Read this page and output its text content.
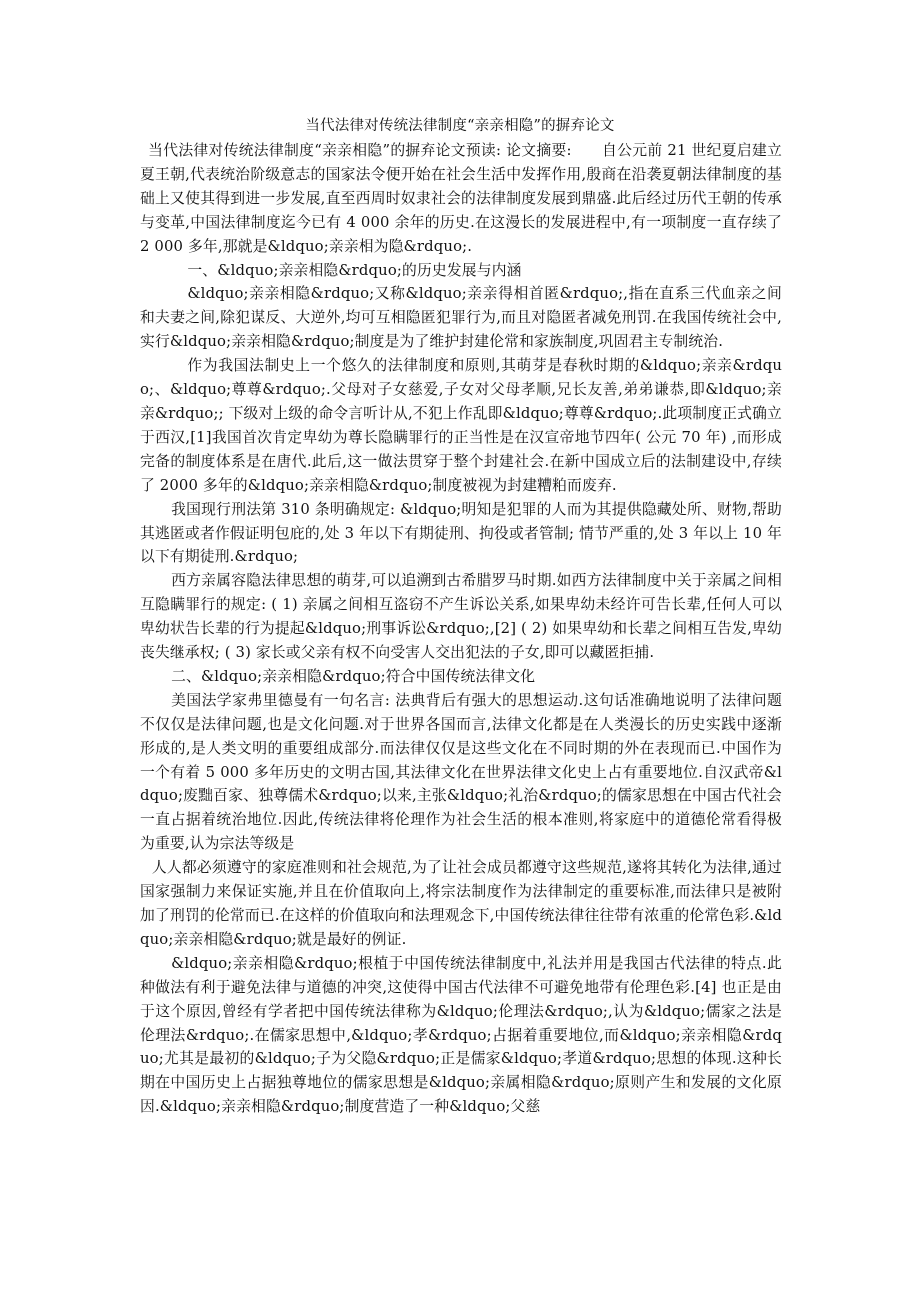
当代法律对传统法律制度“亲亲相隐”的摒弃论文

当代法律对传统法律制度“亲亲相隐”的摒弃论文预读: 论文摘要:　　自公元前 21 世纪夏启建立夏王朝,代表统治阶级意志的国家法令便开始在社会生活中发挥作用,殷商在沿袭夏朝法律制度的基础上又使其得到进一步发展,直至西周时奴隶社会的法律制度发展到鼎盛.此后经过历代王朝的传承与变革,中国法律制度迄今已有 4 000 余年的历史.在这漫长的发展进程中,有一项制度一直存续了 2 000 多年,那就是&ldquo;亲亲相为隐&rdquo;.

一、&ldquo;亲亲相隐&rdquo;的历史发展与内涵

&ldquo;亲亲相隐&rdquo;又称&ldquo;亲亲得相首匿&rdquo;,指在直系三代血亲之间和夫妻之间,除犯谋反、大逆外,均可互相隐匿犯罪行为,而且对隐匿者减免刑罚.在我国传统社会中,实行&ldquo;亲亲相隐&rdquo;制度是为了维护封建伦常和家族制度,巩固君主专制统治.

作为我国法制史上一个悠久的法律制度和原则,其萌芽是春秋时期的&ldquo;亲亲&rdquo;、&ldquo;尊尊&rdquo;.父母对子女慈爱,子女对父母孝顺,兄长友善,弟弟谦恭,即&ldquo;亲亲&rdquo;; 下级对上级的命令言听计从,不犯上作乱即&ldquo;尊尊&rdquo;.此项制度正式确立于西汉,[1]我国首次肯定卑幼为尊长隐瞒罪行的正当性是在汉宣帝地节四年( 公元 70 年) ,而形成完备的制度体系是在唐代.此后,这一做法贯穿于整个封建社会.在新中国成立后的法制建设中,存续了 2000 多年的&ldquo;亲亲相隐&rdquo;制度被视为封建糟粕而废弃.

我国现行刑法第 310 条明确规定: &ldquo;明知是犯罪的人而为其提供隐藏处所、财物,帮助其逃匿或者作假证明包庇的,处 3 年以下有期徒刑、拘役或者管制; 情节严重的,处 3 年以上 10 年以下有期徒刑.&rdquo;

西方亲属容隐法律思想的萌芽,可以追溯到古希腊罗马时期.如西方法律制度中关于亲属之间相互隐瞒罪行的规定: ( 1) 亲属之间相互盗窃不产生诉讼关系,如果卑幼未经许可告长辈,任何人可以卑幼状告长辈的行为提起&ldquo;刑事诉讼&rdquo;,[2] ( 2) 如果卑幼和长辈之间相互告发,卑幼丧失继承权; ( 3) 家长或父亲有权不向受害人交出犯法的子女,即可以藏匿拒捕.

二、&ldquo;亲亲相隐&rdquo;符合中国传统法律文化

美国法学家弗里德曼有一句名言: 法典背后有强大的思想运动.这句话准确地说明了法律问题不仅仅是法律问题,也是文化问题.对于世界各国而言,法律文化都是在人类漫长的历史实践中逐渐形成的,是人类文明的重要组成部分.而法律仅仅是这些文化在不同时期的外在表现而已.中国作为一个有着 5 000 多年历史的文明古国,其法律文化在世界法律文化史上占有重要地位.自汉武帝&ldquo;废黜百家、独尊儒术&rdquo;以来,主张&ldquo;礼治&rdquo;的儒家思想在中国古代社会一直占据着统治地位.因此,传统法律将伦理作为社会生活的根本准则,将家庭中的道德伦常看得极为重要,认为宗法等级是

人人都必须遵守的家庭准则和社会规范,为了让社会成员都遵守这些规范,遂将其转化为法律,通过国家强制力来保证实施,并且在价值取向上,将宗法制度作为法律制定的重要标准,而法律只是被附加了刑罚的伦常而已.在这样的价值取向和法理观念下,中国传统法律往往带有浓重的伦常色彩.&ldquo;亲亲相隐&rdquo;就是最好的例证.

&ldquo;亲亲相隐&rdquo;根植于中国传统法律制度中,礼法并用是我国古代法律的特点.此种做法有利于避免法律与道德的冲突,这使得中国古代法律不可避免地带有伦理色彩.[4] 也正是由于这个原因,曾经有学者把中国传统法律称为&ldquo;伦理法&rdquo;,认为&ldquo;儒家之法是伦理法&rdquo;.在儒家思想中,&ldquo;孝&rdquo;占据着重要地位,而&ldquo;亲亲相隐&rdquo;尤其是最初的&ldquo;子为父隐&rdquo;正是儒家&ldquo;孝道&rdquo;思想的体现.这种长期在中国历史上占据独尊地位的儒家思想是&ldquo;亲属相隐&rdquo;原则产生和发展的文化原因.&ldquo;亲亲相隐&rdquo;制度营造了一种&ldquo;父慈
